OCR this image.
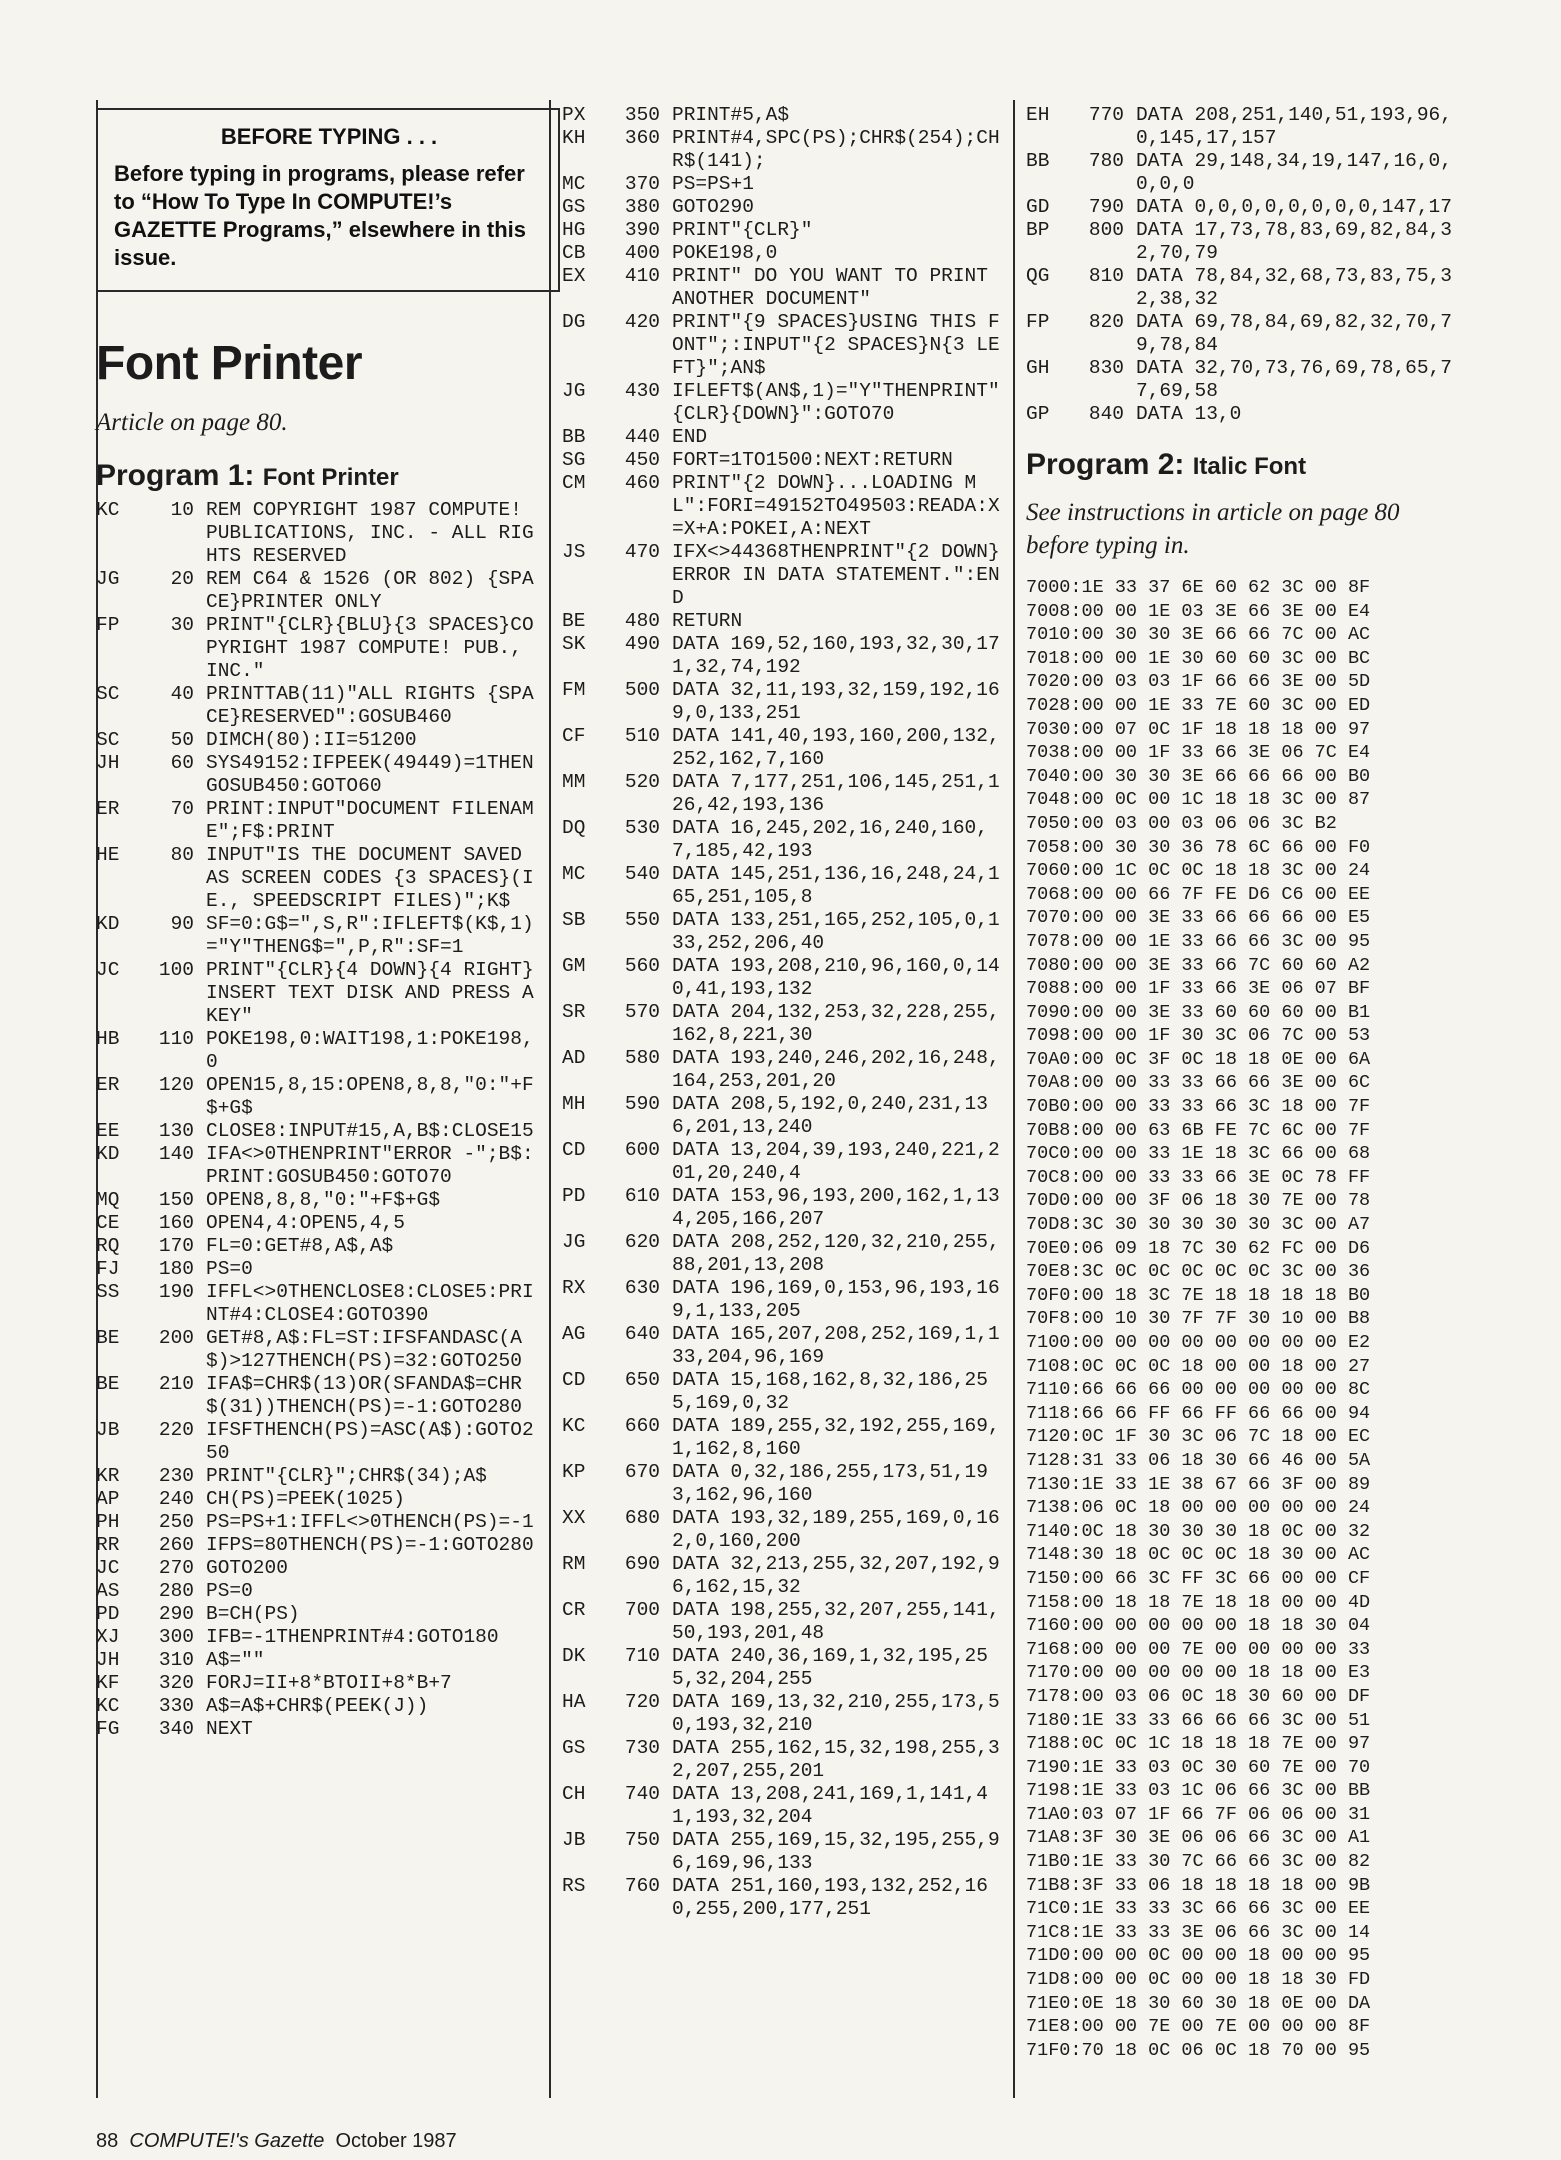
BEFORE TYPING . . .
Before typing in programs, please refer to “How To Type In COMPUTE!’s GAZETTE Programs,” elsewhere in this issue.
Font Printer
Article on page 80.
Program 1: Font Printer
KC	10 REM COPYRIGHT 1987 COMPUTE! PUBLICATIONS, INC. - ALL RIGHTS RESERVED
JG	20 REM C64 & 1526 (OR 802) {SPACE}PRINTER ONLY
FP	30 PRINT"{CLR}{BLU}{3 SPACES}COPYRIGHT 1987 COMPUTE! PUB., INC."
SC	40 PRINTTAB(11)"ALL RIGHTS {SPACE}RESERVED":GOSUB460
SC	50 DIMCH(80):II=51200
JH	60 SYS49152:IFPEEK(49449)=1THENGOSUB450:GOTO60
ER	70 PRINT:INPUT"DOCUMENT FILENAME";F$:PRINT
HE	80 INPUT"IS THE DOCUMENT SAVED AS SCREEN CODES {3 SPACES}(IE., SPEEDSCRIPT FILES)";K$
KD	90 SF=0:G$=",S,R":IFLEFT$(K$,1)="Y"THENG$=",P,R":SF=1
JC	100 PRINT"{CLR}{4 DOWN}{4 RIGHT}INSERT TEXT DISK AND PRESS A KEY"
HB	110 POKE198,0:WAIT198,1:POKE198,0
ER	120 OPEN15,8,15:OPEN8,8,8,"0:"+F$+G$
EE	130 CLOSE8:INPUT#15,A,B$:CLOSE15
KD	140 IFA<>0THENPRINT"ERROR -";B$:PRINT:GOSUB450:GOTO70
MQ	150 OPEN8,8,8,"0:"+F$+G$
CE	160 OPEN4,4:OPEN5,4,5
RQ	170 FL=0:GET#8,A$,A$
FJ	180 PS=0
SS	190 IFFL<>0THENCLOSE8:CLOSE5:PRINT#4:CLOSE4:GOTO390
BE	200 GET#8,A$:FL=ST:IFSFANDASC(A$)>127THENCH(PS)=32:GOTO250
BE	210 IFA$=CHR$(13)OR(SFANDA$=CHR$(31))THENCH(PS)=-1:GOTO280
JB	220 IFSFTHENCH(PS)=ASC(A$):GOTO250
KR	230 PRINT"{CLR}";CHR$(34);A$
AP	240 CH(PS)=PEEK(1025)
PH	250 PS=PS+1:IFFL<>0THENCH(PS)=-1
RR	260 IFPS=80THENCH(PS)=-1:GOTO280
JC	270 GOTO200
AS	280 PS=0
PD	290 B=CH(PS)
XJ	300 IFB=-1THENPRINT#4:GOTO180
JH	310 A$=""
KF	320 FORJ=II+8*BTOII+8*B+7
KC	330 A$=A$+CHR$(PEEK(J))
FG	340 NEXT
PX	350 PRINT#5,A$
KH	360 PRINT#4,SPC(PS);CHR$(254);CHR$(141);
MC	370 PS=PS+1
GS	380 GOTO290
HG	390 PRINT"{CLR}"
CB	400 POKE198,0
EX	410 PRINT" DO YOU WANT TO PRINT ANOTHER DOCUMENT"
DG	420 PRINT"{9 SPACES}USING THIS FONT";:INPUT"{2 SPACES}N{3 LEFT}";AN$
JG	430 IFLEFT$(AN$,1)="Y"THENPRINT"{CLR}{DOWN}":GOTO70
BB	440 END
SG	450 FORT=1TO1500:NEXT:RETURN
CM	460 PRINT"{2 DOWN}...LOADING ML":FORI=49152TO49503:READA:X=X+A:POKEI,A:NEXT
JS	470 IFX<>44368THENPRINT"{2 DOWN}ERROR IN DATA STATEMENT.":END
BE	480 RETURN
SK	490 DATA 169,52,160,193,32,30,171,32,74,192
FM	500 DATA 32,11,193,32,159,192,169,0,133,251
CF	510 DATA 141,40,193,160,200,132,252,162,7,160
MM	520 DATA 7,177,251,106,145,251,126,42,193,136
DQ	530 DATA 16,245,202,16,240,160,7,185,42,193
MC	540 DATA 145,251,136,16,248,24,165,251,105,8
SB	550 DATA 133,251,165,252,105,0,133,252,206,40
GM	560 DATA 193,208,210,96,160,0,140,41,193,132
SR	570 DATA 204,132,253,32,228,255,162,8,221,30
AD	580 DATA 193,240,246,202,16,248,164,253,201,20
MH	590 DATA 208,5,192,0,240,231,136,201,13,240
CD	600 DATA 13,204,39,193,240,221,201,20,240,4
PD	610 DATA 153,96,193,200,162,1,134,205,166,207
JG	620 DATA 208,252,120,32,210,255,88,201,13,208
RX	630 DATA 196,169,0,153,96,193,169,1,133,205
AG	640 DATA 165,207,208,252,169,1,133,204,96,169
CD	650 DATA 15,168,162,8,32,186,255,169,0,32
KC	660 DATA 189,255,32,192,255,169,1,162,8,160
KP	670 DATA 0,32,186,255,173,51,193,162,96,160
XX	680 DATA 193,32,189,255,169,0,162,0,160,200
RM	690 DATA 32,213,255,32,207,192,96,162,15,32
CR	700 DATA 198,255,32,207,255,141,50,193,201,48
DK	710 DATA 240,36,169,1,32,195,255,32,204,255
HA	720 DATA 169,13,32,210,255,173,50,193,32,210
GS	730 DATA 255,162,15,32,198,255,32,207,255,201
CH	740 DATA 13,208,241,169,1,141,41,193,32,204
JB	750 DATA 255,169,15,32,195,255,96,169,96,133
RS	760 DATA 251,160,193,132,252,160,255,200,177,251
EH	770 DATA 208,251,140,51,193,96,0,145,17,157
BB	780 DATA 29,148,34,19,147,16,0,0,0,0
GD	790 DATA 0,0,0,0,0,0,0,0,147,17
BP	800 DATA 17,73,78,83,69,82,84,32,70,79
QG	810 DATA 78,84,32,68,73,83,75,32,38,32
FP	820 DATA 69,78,84,69,82,32,70,79,78,84
GH	830 DATA 32,70,73,76,69,78,65,77,69,58
GP	840 DATA 13,0
Program 2: Italic Font
See instructions in article on page 80 before typing in.
7000:1E 33 37 6E 60 62 3C 00 8F
7008:00 00 1E 03 3E 66 3E 00 E4
7010:00 30 30 3E 66 66 7C 00 AC
7018:00 00 1E 30 60 60 3C 00 BC
7020:00 03 03 1F 66 66 3E 00 5D
7028:00 00 1E 33 7E 60 3C 00 ED
7030:00 07 0C 1F 18 18 18 00 97
7038:00 00 1F 33 66 3E 06 7C E4
7040:00 30 30 3E 66 66 66 00 B0
7048:00 0C 00 1C 18 18 3C 00 87
7050:00 03 00 03 06 06 3C B2
7058:00 30 30 36 78 6C 66 00 F0
7060:00 1C 0C 0C 18 18 3C 00 24
7068:00 00 66 7F FE D6 C6 00 EE
7070:00 00 3E 33 66 66 66 00 E5
7078:00 00 1E 33 66 66 3C 00 95
7080:00 00 3E 33 66 7C 60 60 A2
7088:00 00 1F 33 66 3E 06 07 BF
7090:00 00 3E 33 60 60 60 00 B1
7098:00 00 1F 30 3C 06 7C 00 53
70A0:00 0C 3F 0C 18 18 0E 00 6A
70A8:00 00 33 33 66 66 3E 00 6C
70B0:00 00 33 33 66 3C 18 00 7F
70B8:00 00 63 6B FE 7C 6C 00 7F
70C0:00 00 33 1E 18 3C 66 00 68
70C8:00 00 33 33 66 3E 0C 78 FF
70D0:00 00 3F 06 18 30 7E 00 78
70D8:3C 30 30 30 30 30 3C 00 A7
70E0:06 09 18 7C 30 62 FC 00 D6
70E8:3C 0C 0C 0C 0C 0C 3C 00 36
70F0:00 18 3C 7E 18 18 18 18 B0
70F8:00 10 30 7F 7F 30 10 00 B8
7100:00 00 00 00 00 00 00 00 E2
7108:0C 0C 0C 18 00 00 18 00 27
7110:66 66 66 00 00 00 00 00 8C
7118:66 66 FF 66 FF 66 66 00 94
7120:0C 1F 30 3C 06 7C 18 00 EC
7128:31 33 06 18 30 66 46 00 5A
7130:1E 33 1E 38 67 66 3F 00 89
7138:06 0C 18 00 00 00 00 00 24
7140:0C 18 30 30 30 18 0C 00 32
7148:30 18 0C 0C 0C 18 30 00 AC
7150:00 66 3C FF 3C 66 00 00 CF
7158:00 18 18 7E 18 18 00 00 4D
7160:00 00 00 00 00 18 18 30 04
7168:00 00 00 7E 00 00 00 00 33
7170:00 00 00 00 00 18 18 00 E3
7178:00 03 06 0C 18 30 60 00 DF
7180:1E 33 33 66 66 66 3C 00 51
7188:0C 0C 1C 18 18 18 7E 00 97
7190:1E 33 03 0C 30 60 7E 00 70
7198:1E 33 03 1C 06 66 3C 00 BB
71A0:03 07 1F 66 7F 06 06 00 31
71A8:3F 30 3E 06 06 66 3C 00 A1
71B0:1E 33 30 7C 66 66 3C 00 82
71B8:3F 33 06 18 18 18 18 00 9B
71C0:1E 33 33 3C 66 66 3C 00 EE
71C8:1E 33 33 3E 06 66 3C 00 14
71D0:00 00 0C 00 00 18 00 00 95
71D8:00 00 0C 00 00 18 18 30 FD
71E0:0E 18 30 60 30 18 0E 00 DA
71E8:00 00 7E 00 7E 00 00 00 8F
71F0:70 18 0C 06 0C 18 70 00 95
88 COMPUTE!'s Gazette October 1987
